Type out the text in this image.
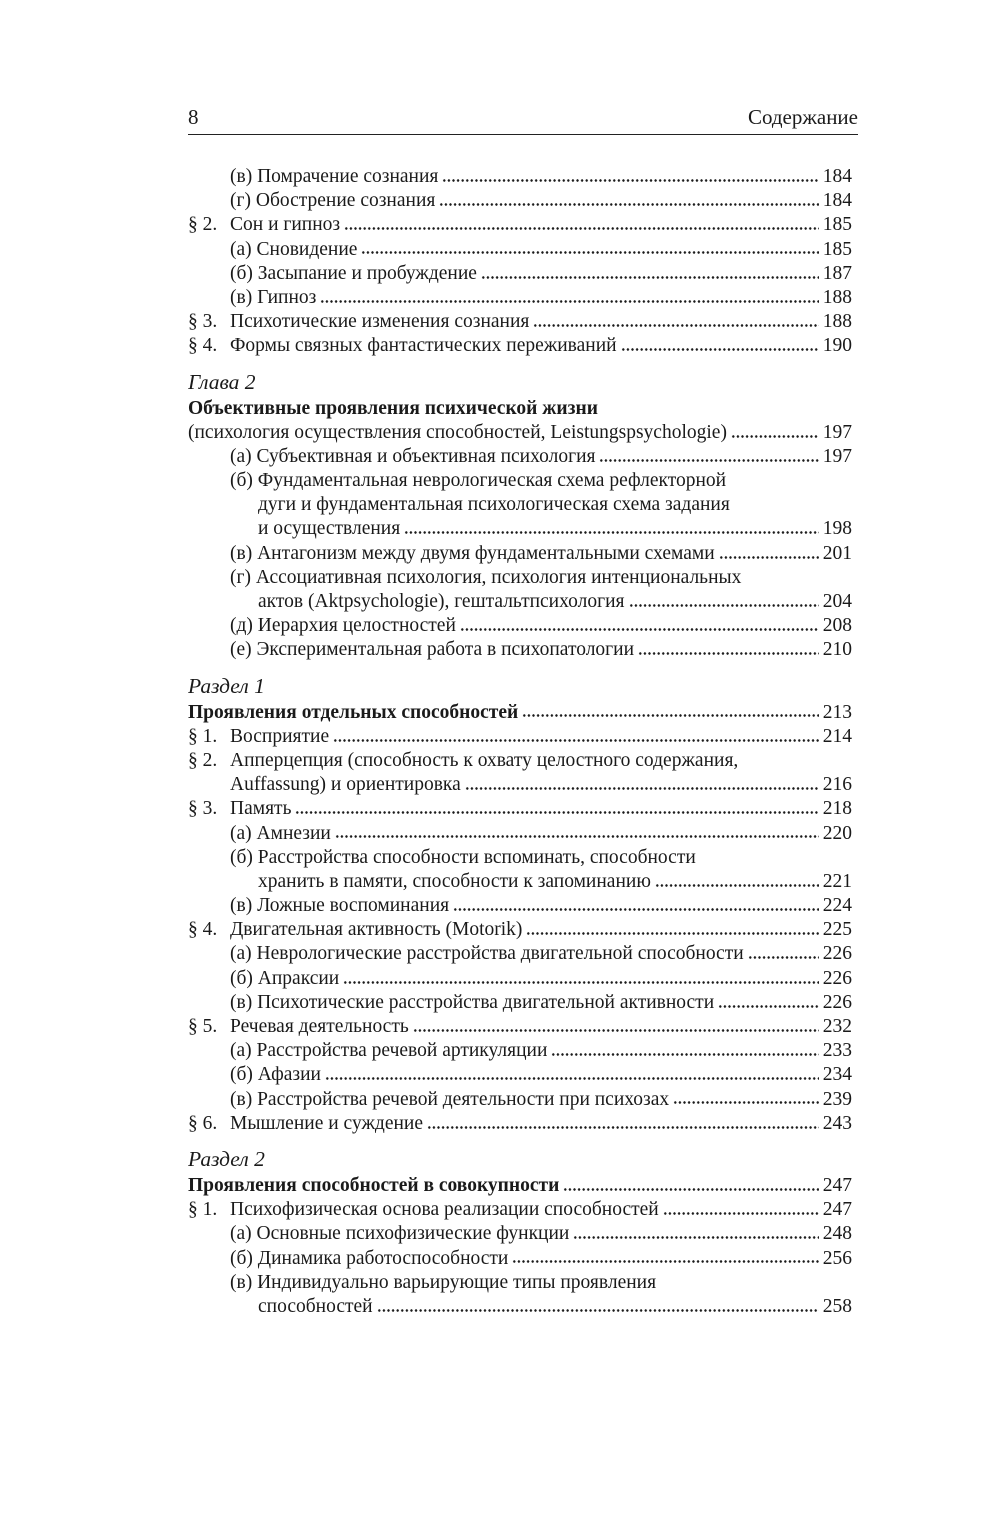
8	Содержание
(в) Помрачение сознания	184
(г) Обострение сознания	184
§ 2. Сон и гипноз	185
(а) Сновидение	185
(б) Засыпание и пробуждение	187
(в) Гипноз	188
§ 3. Психотические изменения сознания	188
§ 4. Формы связных фантастических переживаний	190
Глава 2
Объективные проявления психической жизни
(психология осуществления способностей, Leistungspsychologie)	197
(а) Субъективная и объективная психология	197
(б) Фундаментальная неврологическая схема рефлекторной
дуги и фундаментальная психологическая схема задания
и осуществления	198
(в) Антагонизм между двумя фундаментальными схемами	201
(г) Ассоциативная психология, психология интенциональных
актов (Aktpsychologie), гештальтпсихология	204
(д) Иерархия целостностей	208
(е) Экспериментальная работа в психопатологии	210
Раздел 1
Проявления отдельных способностей	213
§ 1. Восприятие	214
§ 2. Апперцепция (способность к охвату целостного содержания,
Auffassung) и ориентировка	216
§ 3. Память	218
(а) Амнезии	220
(б) Расстройства способности вспоминать, способности
хранить в памяти, способности к запоминанию	221
(в) Ложные воспоминания	224
§ 4. Двигательная активность (Motorik)	225
(а) Неврологические расстройства двигательной способности	226
(б) Апраксии	226
(в) Психотические расстройства двигательной активности	226
§ 5. Речевая деятельность	232
(а) Расстройства речевой артикуляции	233
(б) Афазии	234
(в) Расстройства речевой деятельности при психозах	239
§ 6. Мышление и суждение	243
Раздел 2
Проявления способностей в совокупности	247
§ 1. Психофизическая основа реализации способностей	247
(а) Основные психофизические функции	248
(б) Динамика работоспособности	256
(в) Индивидуально варьирующие типы проявления
способностей	258
